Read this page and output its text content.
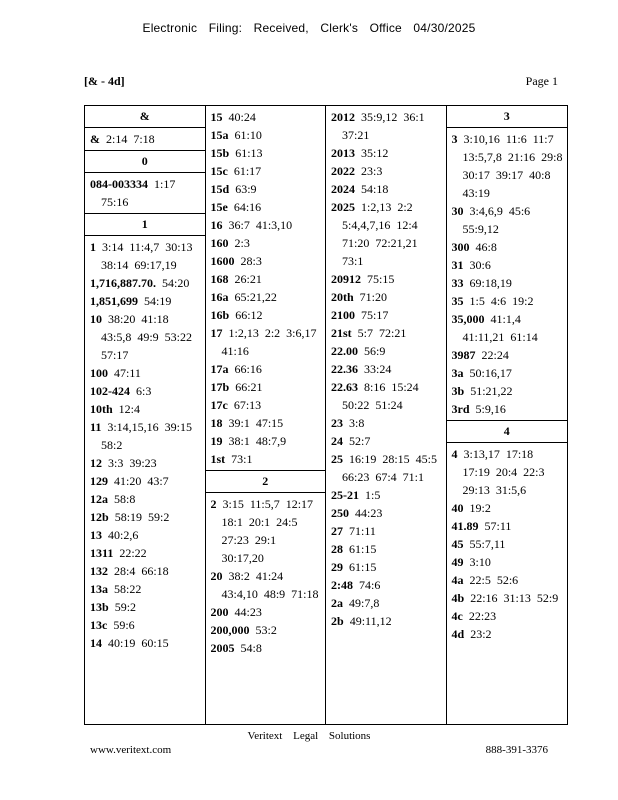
Electronic Filing: Received, Clerk's Office 04/30/2025
[& - 4d]	Page 1
&
& 2:14 7:18
0
084-003334 1:17 75:16
1
1 3:14 11:4,7 30:13 38:14 69:17,19
1,716,887.70. 54:20
1,851,699 54:19
10 38:20 41:18 43:5,8 49:9 53:22 57:17
100 47:11
102-424 6:3
10th 12:4
11 3:14,15,16 39:15 58:2
12 3:3 39:23
129 41:20 43:7
12a 58:8
12b 58:19 59:2
13 40:2,6
1311 22:22
132 28:4 66:18
13a 58:22
13b 59:2
13c 59:6
14 40:19 60:15
15 40:24
15a 61:10
15b 61:13
15c 61:17
15d 63:9
15e 64:16
16 36:7 41:3,10
160 2:3
1600 28:3
168 26:21
16a 65:21,22
16b 66:12
17 1:2,13 2:2 3:6,17 41:16
17a 66:16
17b 66:21
17c 67:13
18 39:1 47:15
19 38:1 48:7,9
1st 73:1
2
2 3:15 11:5,7 12:17 18:1 20:1 24:5 27:23 29:1 30:17,20
20 38:2 41:24 43:4,10 48:9 71:18
200 44:23
200,000 53:2
2005 54:8
2012 35:9,12 36:1 37:21
2013 35:12
2022 23:3
2024 54:18
2025 1:2,13 2:2 5:4,4,7,16 12:4 71:20 72:21,21 73:1
20912 75:15
20th 71:20
2100 75:17
21st 5:7 72:21
22.00 56:9
22.36 33:24
22.63 8:16 15:24 50:22 51:24
23 3:8
24 52:7
25 16:19 28:15 45:5 66:23 67:4 71:1
25-21 1:5
250 44:23
27 71:11
28 61:15
29 61:15
2:48 74:6
2a 49:7,8
2b 49:11,12
3
3 3:10,16 11:6 11:7 13:5,7,8 21:16 29:8 30:17 39:17 40:8 43:19
30 3:4,6,9 45:6 55:9,12
300 46:8
31 30:6
33 69:18,19
35 1:5 4:6 19:2
35,000 41:1,4 41:11,21 61:14
3987 22:24
3a 50:16,17
3b 51:21,22
3rd 5:9,16
4
4 3:13,17 17:18 17:19 20:4 22:3 29:13 31:5,6
40 19:2
41.89 57:11
45 55:7,11
49 3:10
4a 22:5 52:6
4b 22:16 31:13 52:9
4c 22:23
4d 23:2
Veritext Legal Solutions
www.veritext.com	888-391-3376
